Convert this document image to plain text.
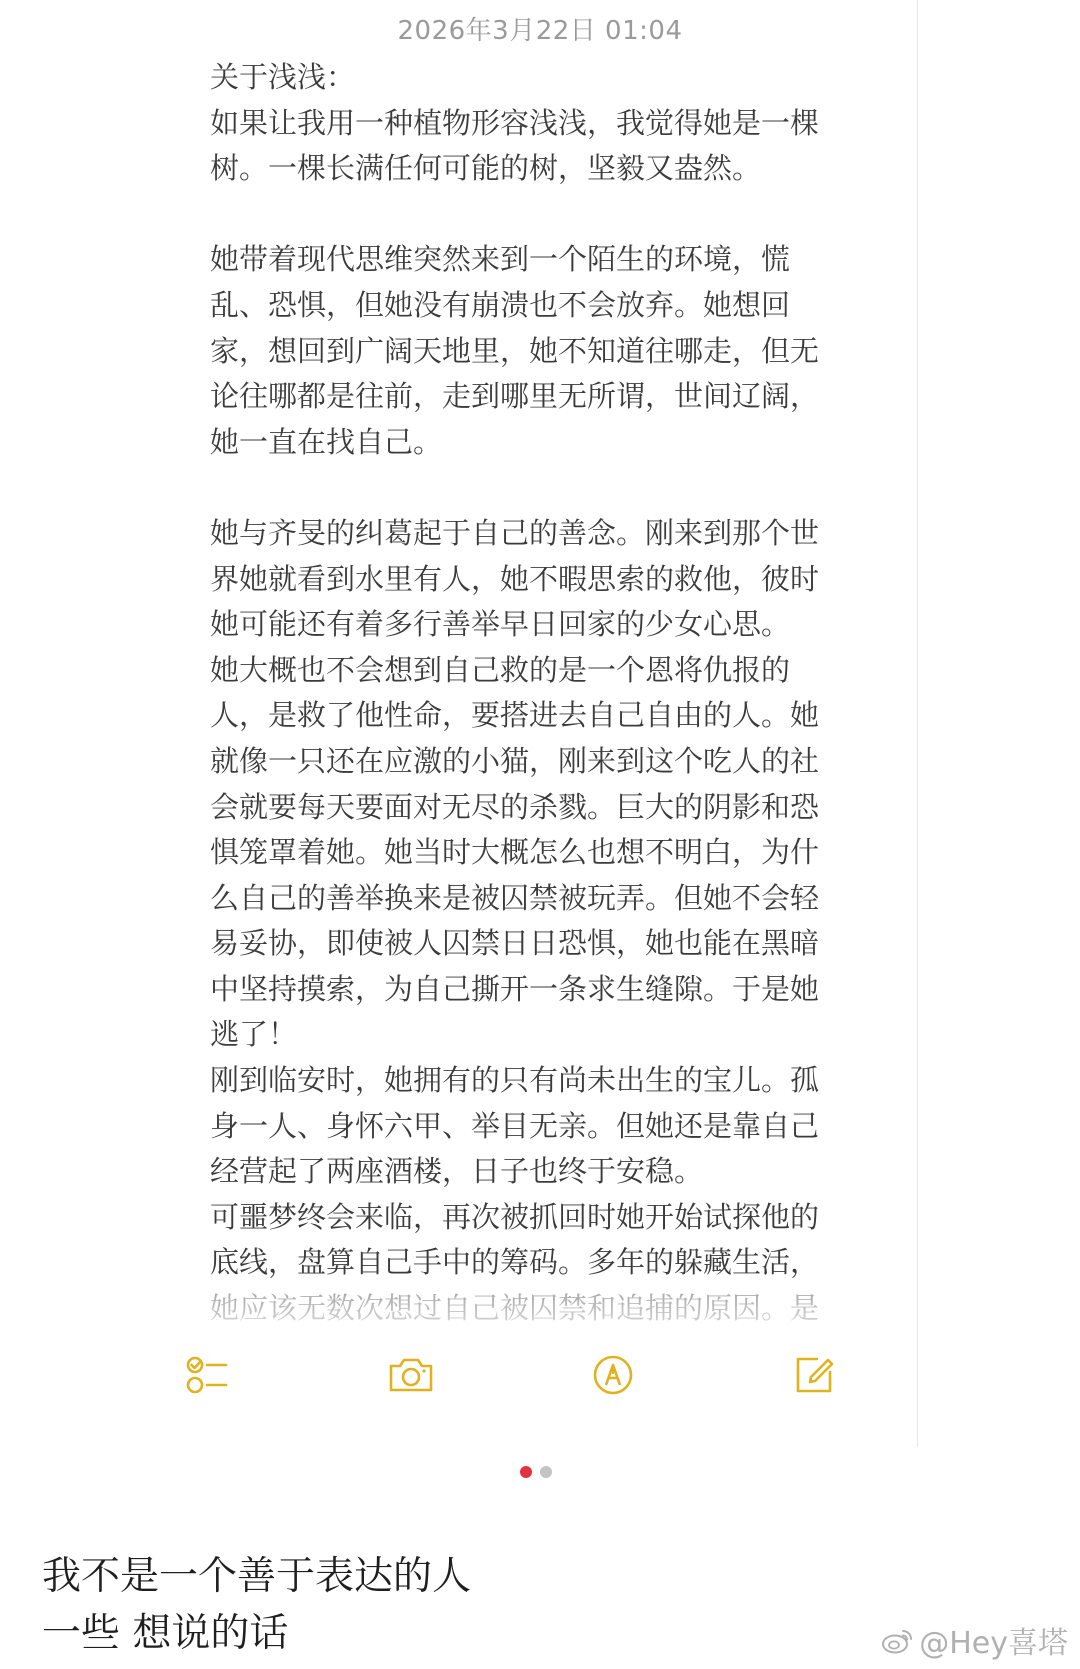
关于浅浅：

如果让我用一种植物形容浅浅，我觉得她是一棵

树。一棵长满任何可能的树，坚毅又盎然。

她带着现代思维突然来到一个陌生的环境，慌

乱、恐惧，但她没有崩溃也不会放弃。她想回

家，想回到广阔天地里，她不知道往哪走，但无

论往哪都是往前，走到哪里无所谓，世间辽阔，

她一直在找自己。

她与齐旻的纠葛起于自己的善念。刚来到那个世

界她就看到水里有人，她不暇思索的救他，彼时

她可能还有着多行善举早日回家的少女心思。

她大概也不会想到自己救的是一个恩将仇报的

人，是救了他性命，要搭进去自己自由的人。她

就像一只还在应激的小猫，刚来到这个吃人的社

会就要每天要面对无尽的杀戮。巨大的阴影和恐

惧笼罩着她。她当时大概怎么也想不明白，为什

么自己的善举换来是被囚禁被玩弄。但她不会轻

易妥协，即使被人囚禁日日恐惧，她也能在黑暗

中坚持摸索，为自己撕开一条求生缝隙。于是她

逃了！

刚到临安时，她拥有的只有尚未出生的宝儿。孤

身一人、身怀六甲、举目无亲。但她还是靠自己

经营起了两座酒楼，日子也终于安稳。

可噩梦终会来临，再次被抓回时她开始试探他的

底线，盘算自己手中的筹码。多年的躲藏生活，

2026年3月22日 01:04

我不是一个善于表达的人

一些 想说的话	@Hey喜塔
